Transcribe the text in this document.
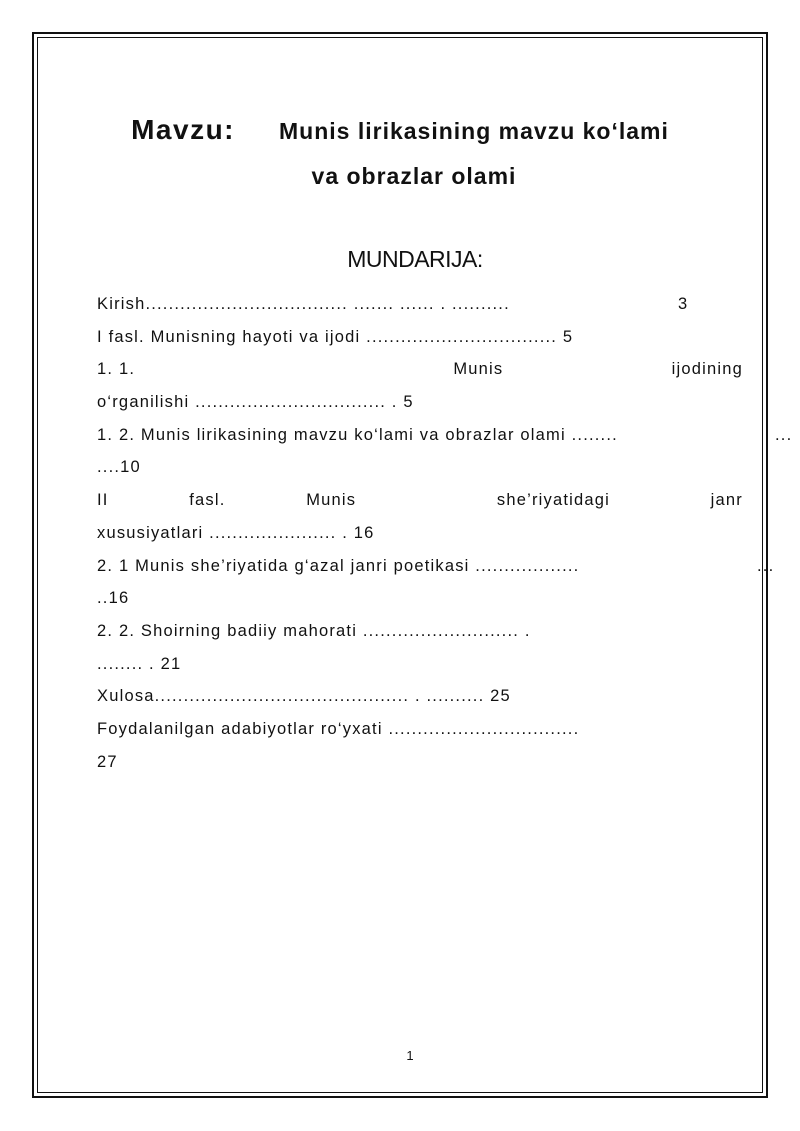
Mavzu: Munis lirikasining mavzu ko‘lami
va obrazlar olami
MUNDARIJA:
Kirish................................... ....... ...... . ..........	3
I fasl. Munisning hayoti va ijodi ................................. 5
1. 1.	Munis	ijodining
o‘rganilishi ................................. . 5
1. 2. Munis lirikasining mavzu ko‘lami va obrazlar olami ........	...
....10
II	fasl.	Munis	she’riyatidagi	janr
xususiyatlari ...................... . 16
2. 1 Munis she’riyatida g‘azal janri poetikasi ..................	...
..16
2. 2. Shoirning badiiy mahorati ........................... .
........ . 21
Xulosa............................................ . .......... 25
Foydalanilgan adabiyotlar ro‘yxati .................................
27
1
